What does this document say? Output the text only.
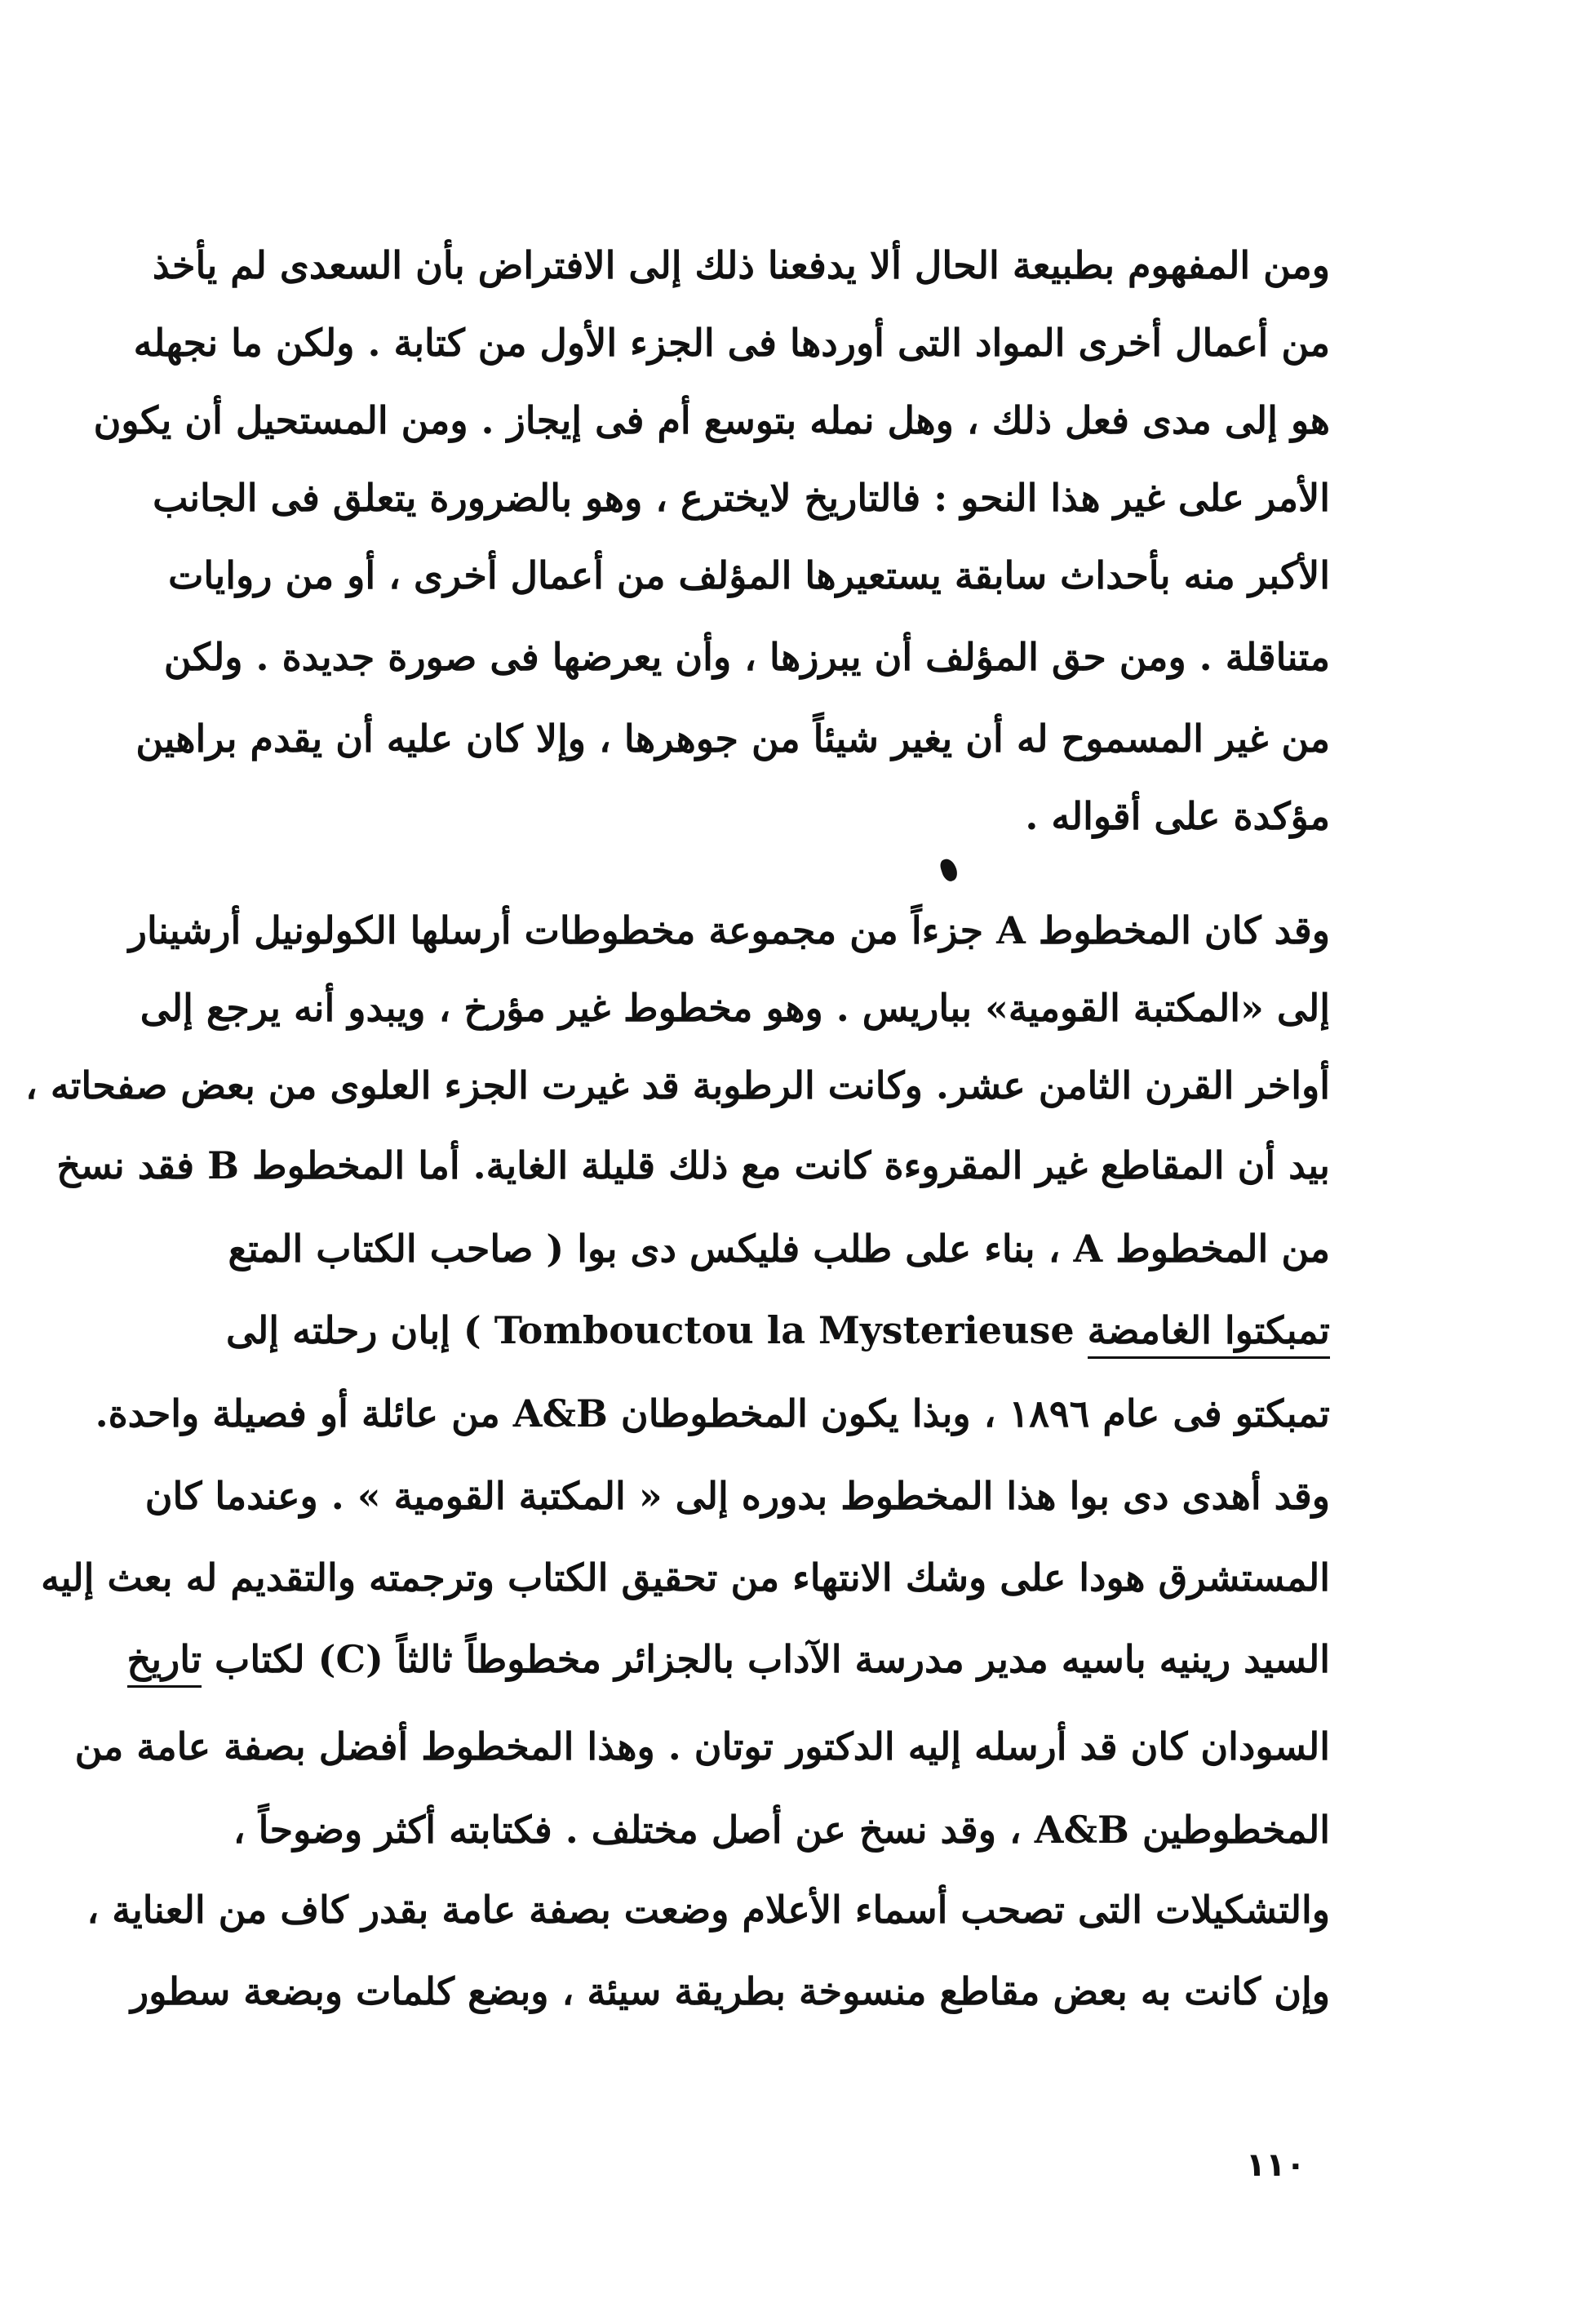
ومن المفهوم بطبيعة الحال ألا يدفعنا ذلك إلى الافتراض بأن السعدى لم يأخذ
من أعمال أخرى المواد التى أوردها فى الجزء الأول من كتابة . ولكن ما نجهله
هو إلى مدى فعل ذلك ، وهل نمله بتوسع أم فى إيجاز . ومن المستحيل أن يكون
الأمر على غير هذا النحو : فالتاريخ لايخترع ، وهو بالضرورة يتعلق فى الجانب
الأكبر منه بأحداث سابقة يستعيرها المؤلف من أعمال أخرى ، أو من روايات
متناقلة . ومن حق المؤلف أن يبرزها ، وأن يعرضها فى صورة جديدة . ولكن
من غير المسموح له أن يغير شيئاً من جوهرها ، وإلا كان عليه أن يقدم براهين
مؤكدة على أقواله .
وقد كان المخطوط A جزءاً من مجموعة مخطوطات أرسلها الكولونيل أرشينار
إلى «المكتبة القومية» بباريس . وهو مخطوط غير مؤرخ ، ويبدو أنه يرجع إلى
أواخر القرن الثامن عشر. وكانت الرطوبة قد غيرت الجزء العلوى من بعض صفحاته ،
بيد أن المقاطع غير المقروءة كانت مع ذلك قليلة الغاية. أما المخطوط B فقد نسخ
من المخطوط A ، بناء على طلب فليكس دى بوا ( صاحب الكتاب المتع
تمبكتوا الغامضة Tombouctou la Mysterieuse ) إبان رحلته إلى
تمبكتو فى عام ١٨٩٦ ، وبذا يكون المخطوطان A&B من عائلة أو فصيلة واحدة.
وقد أهدى دى بوا هذا المخطوط بدوره إلى « المكتبة القومية » . وعندما كان
المستشرق هودا على وشك الانتهاء من تحقيق الكتاب وترجمته والتقديم له بعث إليه
السيد رينيه باسيه مدير مدرسة الآداب بالجزائر مخطوطاً ثالثاً (C) لكتاب تاريخ
السودان كان قد أرسله إليه الدكتور توتان . وهذا المخطوط أفضل بصفة عامة من
المخطوطين A&B ، وقد نسخ عن أصل مختلف . فكتابته أكثر وضوحاً ،
والتشكيلات التى تصحب أسماء الأعلام وضعت بصفة عامة بقدر كاف من العناية ،
وإن كانت به بعض مقاطع منسوخة بطريقة سيئة ، وبضع كلمات وبضعة سطور
١١٠
